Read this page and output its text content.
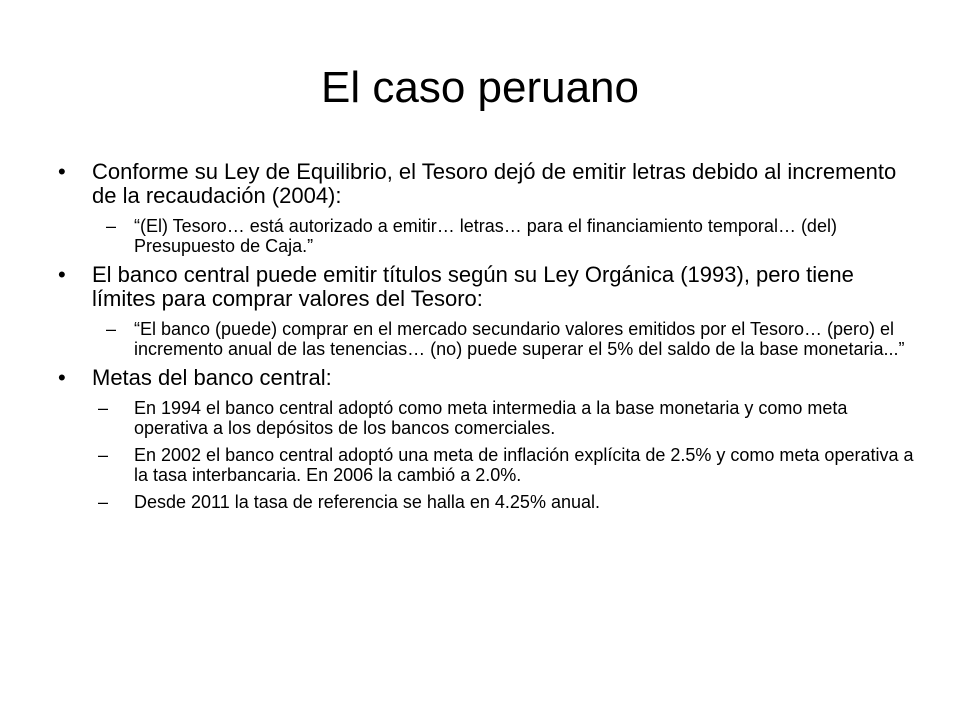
El caso peruano
•	Conforme su Ley de Equilibrio, el Tesoro dejó de emitir letras debido al incremento de la recaudación (2004):
– “(El) Tesoro… está autorizado a emitir… letras… para el financiamiento temporal… (del) Presupuesto de Caja.”
•	El banco central puede emitir títulos según su Ley Orgánica (1993), pero tiene límites para comprar valores del Tesoro:
– “El banco (puede) comprar en el mercado secundario valores emitidos por el Tesoro… (pero) el incremento anual de las tenencias… (no) puede superar el 5% del saldo de la base monetaria...”
•	Metas del banco central:
–	En 1994 el banco central adoptó como meta intermedia a la base monetaria y como meta operativa a los depósitos de los bancos comerciales.
–	En 2002 el banco central adoptó una meta de inflación explícita de 2.5% y como meta operativa a la tasa interbancaria. En 2006 la cambió a 2.0%.
–	Desde 2011 la tasa de referencia se halla en 4.25% anual.
